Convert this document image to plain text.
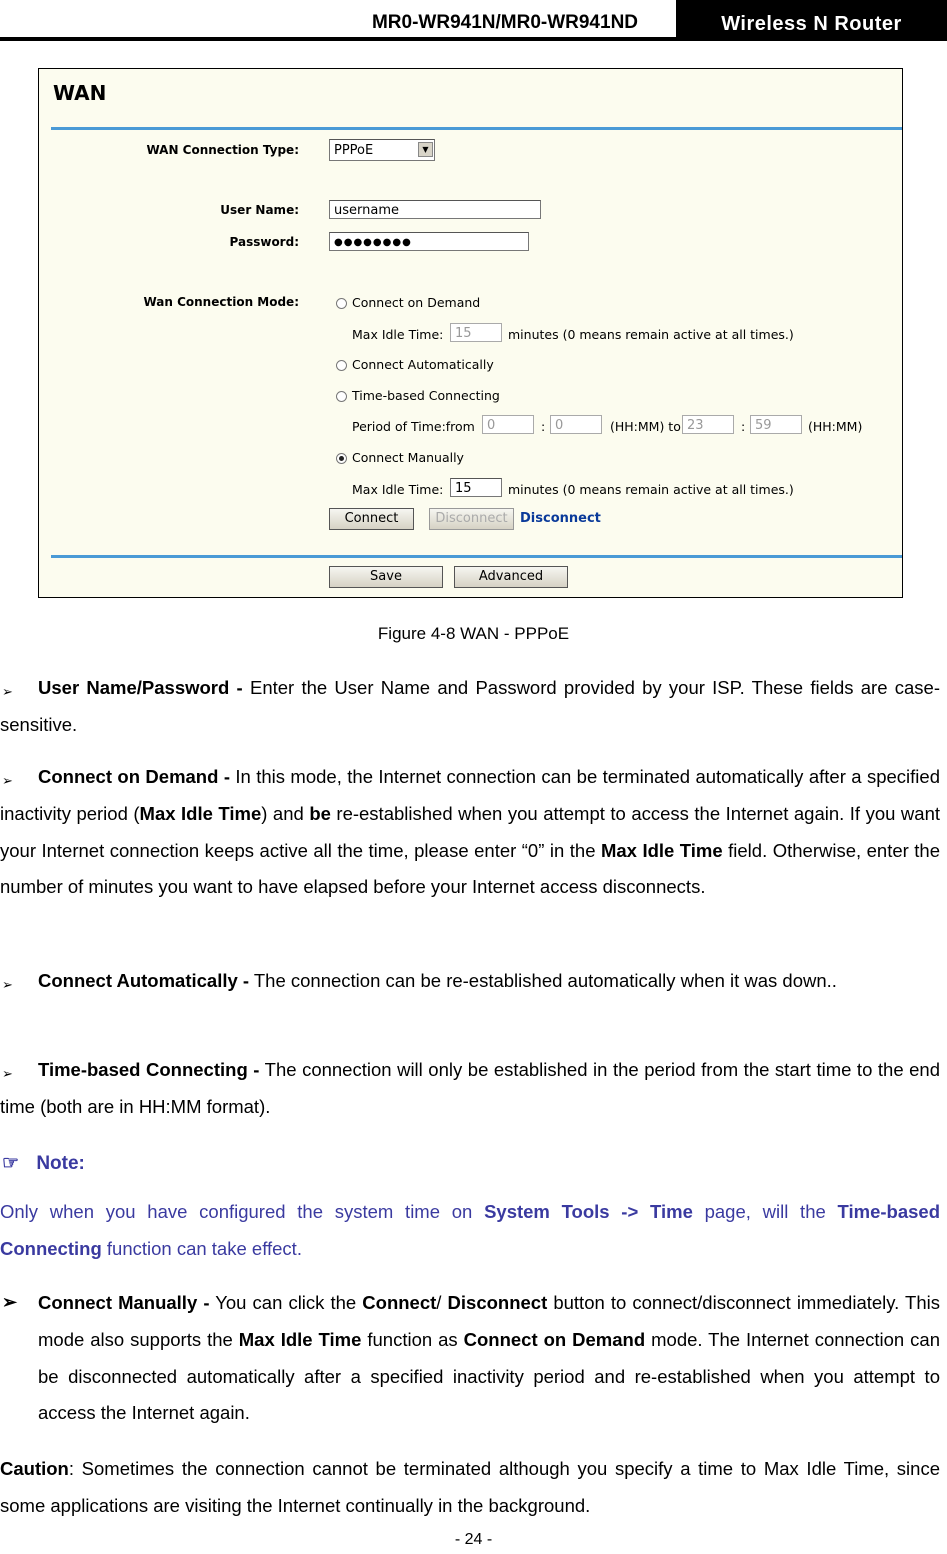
MR0-WR941N/MR0-WR941ND	Wireless N Router
WAN
WAN Connection Type:	PPPoE	▼
User Name:	username
Password:	●●●●●●●●
Wan Connection Mode:	Connect on Demand
Max Idle Time: 15	minutes (0 means remain active at all times.)
Connect Automatically
Time-based Connecting
Period of Time:from 0	: 0	(HH:MM) to 23	: 59	(HH:MM)
Connect Manually
Max Idle Time: 15	minutes (0 means remain active at all times.)
Connect	Disconnect Disconnect
Save	Advanced
Figure 4-8 WAN - PPPoE
➢	User Name/Password - Enter the User Name and Password provided by your ISP. These fields are case-sensitive.
➢	Connect on Demand - In this mode, the Internet connection can be terminated automatically after a specified inactivity period (Max Idle Time) and be re-established when you attempt to access the Internet again. If you want your Internet connection keeps active all the time, please enter “0” in the Max Idle Time field. Otherwise, enter the number of minutes you want to have elapsed before your Internet access disconnects.
➢	Connect Automatically - The connection can be re-established automatically when it was down..
➢	Time-based Connecting - The connection will only be established in the period from the start time to the end time (both are in HH:MM format).
☞ Note:
Only when you have configured the system time on System Tools -> Time page, will the Time-based Connecting function can take effect.
➢	Connect Manually - You can click the Connect/ Disconnect button to connect/disconnect immediately. This mode also supports the Max Idle Time function as Connect on Demand mode. The Internet connection can be disconnected automatically after a specified inactivity period and re-established when you attempt to access the Internet again.
Caution: Sometimes the connection cannot be terminated although you specify a time to Max Idle Time, since some applications are visiting the Internet continually in the background.
- 24 -
